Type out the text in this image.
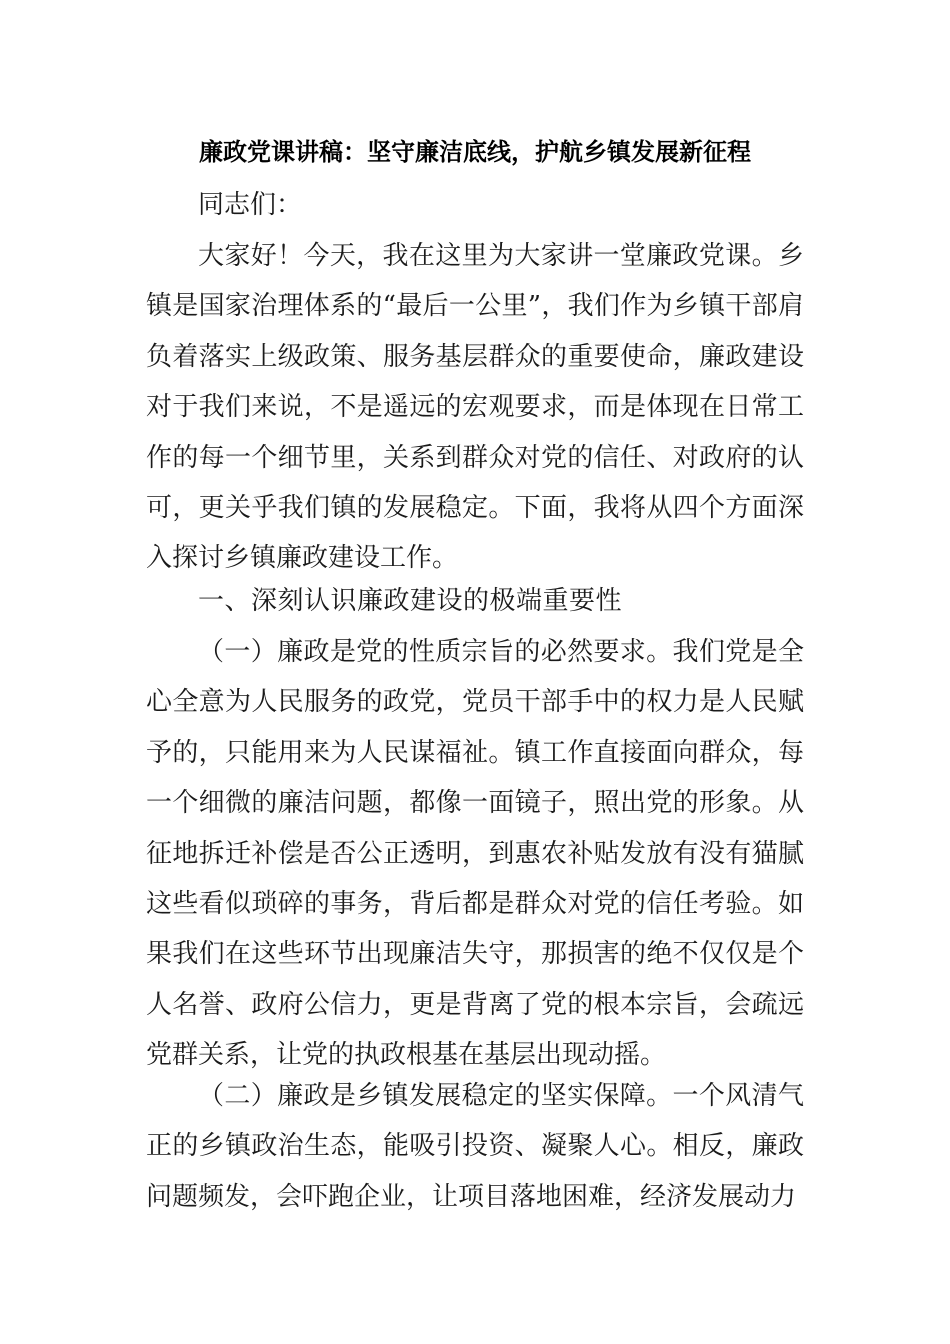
廉政党课讲稿：坚守廉洁底线，护航乡镇发展新征程

同志们：

大家好！今天，我在这里为大家讲一堂廉政党课。乡镇是国家治理体系的“最后一公里”，我们作为乡镇干部肩负着落实上级政策、服务基层群众的重要使命，廉政建设对于我们来说，不是遥远的宏观要求，而是体现在日常工作的每一个细节里，关系到群众对党的信任、对政府的认可，更关乎我们镇的发展稳定。下面，我将从四个方面深入探讨乡镇廉政建设工作。

一、深刻认识廉政建设的极端重要性

（一）廉政是党的性质宗旨的必然要求。我们党是全心全意为人民服务的政党，党员干部手中的权力是人民赋予的，只能用来为人民谋福祉。镇工作直接面向群众，每一个细微的廉洁问题，都像一面镜子，照出党的形象。从征地拆迁补偿是否公正透明，到惠农补贴发放有没有猫腻这些看似琐碎的事务，背后都是群众对党的信任考验。如果我们在这些环节出现廉洁失守，那损害的绝不仅仅是个人名誉、政府公信力，更是背离了党的根本宗旨，会疏远党群关系，让党的执政根基在基层出现动摇。

（二）廉政是乡镇发展稳定的坚实保障。一个风清气正的乡镇政治生态，能吸引投资、凝聚人心。相反，廉政问题频发，会吓跑企业，让项目落地困难，经济发展动力
